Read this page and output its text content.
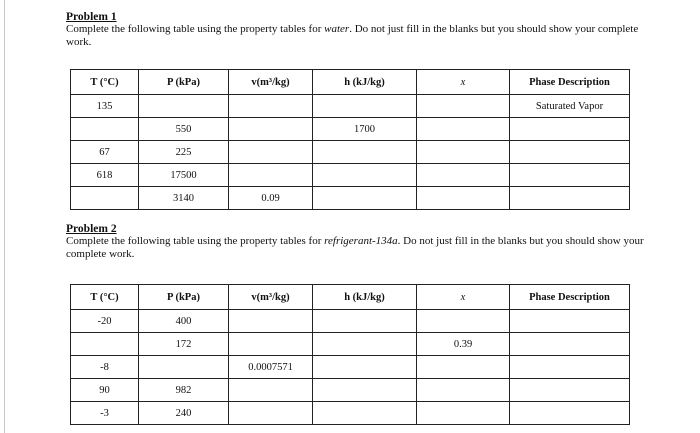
Problem 1
Complete the following table using the property tables for water. Do not just fill in the blanks but you should show your complete work.
T (°C)	P (kPa)	v(m³/kg)	h (kJ/kg)	x	Phase Description
135					Saturated Vapor
	550		1700		
67	225				
618	17500				
	3140	0.09			
Problem 2
Complete the following table using the property tables for refrigerant-134a. Do not just fill in the blanks but you should show your complete work.
T (°C)	P (kPa)	v(m³/kg)	h (kJ/kg)	x	Phase Description
-20	400				
	172			0.39	
-8		0.0007571			
90	982				
-3	240				
